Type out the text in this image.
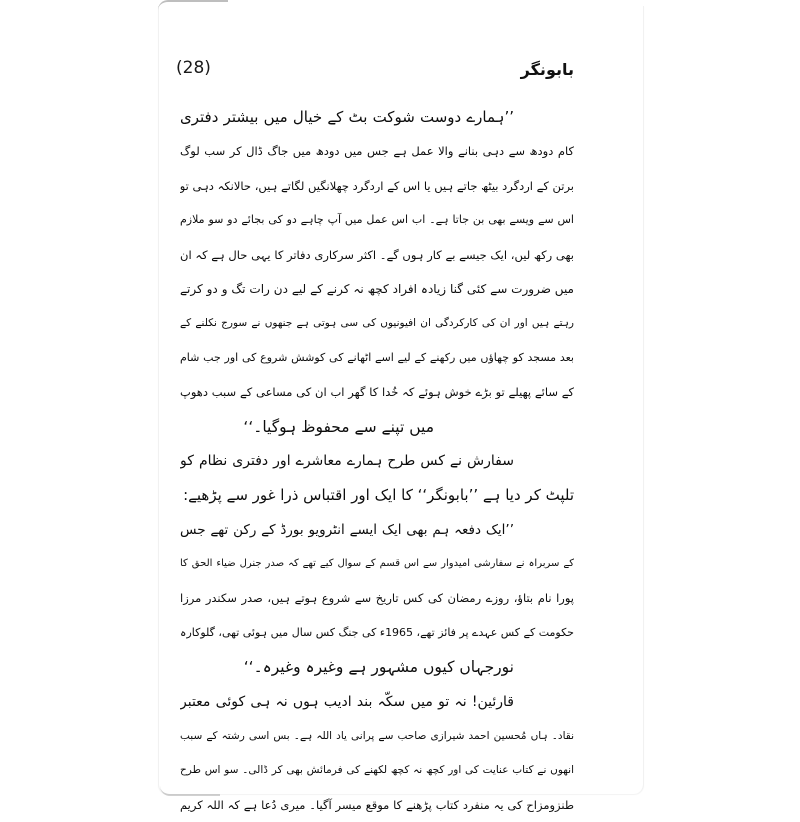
(28)	بابونگر
’’ہمارے دوست شوکت بٹ کے خیال میں بیشتر دفتری
کام دودھ سے دہی بنانے والا عمل ہے جس میں دودھ میں جاگ ڈال کر سب لوگ
برتن کے اردگرد بیٹھ جاتے ہیں یا اس کے اردگرد چھلانگیں لگاتے ہیں، حالانکہ دہی تو
اس سے ویسے بھی بن جاتا ہے۔ اب اس عمل میں آپ چاہے دو کی بجائے دو سو ملازم
بھی رکھ لیں، ایک جیسے بے کار ہوں گے۔ اکثر سرکاری دفاتر کا یہی حال ہے کہ ان
میں ضرورت سے کئی گنا زیادہ افراد کچھ نہ کرنے کے لیے دن رات تگ و دو کرتے
رہتے ہیں اور ان کی کارکردگی ان افیونیوں کی سی ہوتی ہے جنھوں نے سورج نکلنے کے
بعد مسجد کو چھاؤں میں رکھنے کے لیے اسے اٹھانے کی کوشش شروع کی اور جب شام
کے سائے پھیلے تو بڑے خوش ہوئے کہ خُدا کا گھر اب ان کی مساعی کے سبب دھوپ
میں تپنے سے محفوظ ہوگیا۔‘‘
سفارش نے کس طرح ہمارے معاشرے اور دفتری نظام کو
تلپٹ کر دیا ہے ’’بابونگر‘‘ کا ایک اور اقتباس ذرا غور سے پڑھیے:
’’ایک دفعہ ہم بھی ایک ایسے انٹرویو بورڈ کے رکن تھے جس
کے سربراہ نے سفارشی امیدوار سے اس قسم کے سوال کیے تھے کہ صدر جنرل ضیاء الحق کا
پورا نام بتاؤ، روزے رمضان کی کس تاریخ سے شروع ہوتے ہیں، صدر سکندر مرزا
حکومت کے کس عہدے پر فائز تھے، 1965ء کی جنگ کس سال میں ہوئی تھی، گلوکارہ
نورجہاں کیوں مشہور ہے وغیرہ وغیرہ۔‘‘
قارئین! نہ تو میں سکّہ بند ادیب ہوں نہ ہی کوئی معتبر
نقاد۔ ہاں مُحسین احمد شیرازی صاحب سے پرانی یاد اللہ ہے۔ بس اسی رشتہ کے سبب
انھوں نے کتاب عنایت کی اور کچھ نہ کچھ لکھنے کی فرمائش بھی کر ڈالی۔ سو اس طرح
طنزومزاح کی یہ منفرد کتاب پڑھنے کا موقع میسر آگیا۔ میری دُعا ہے کہ اللہ کریم
